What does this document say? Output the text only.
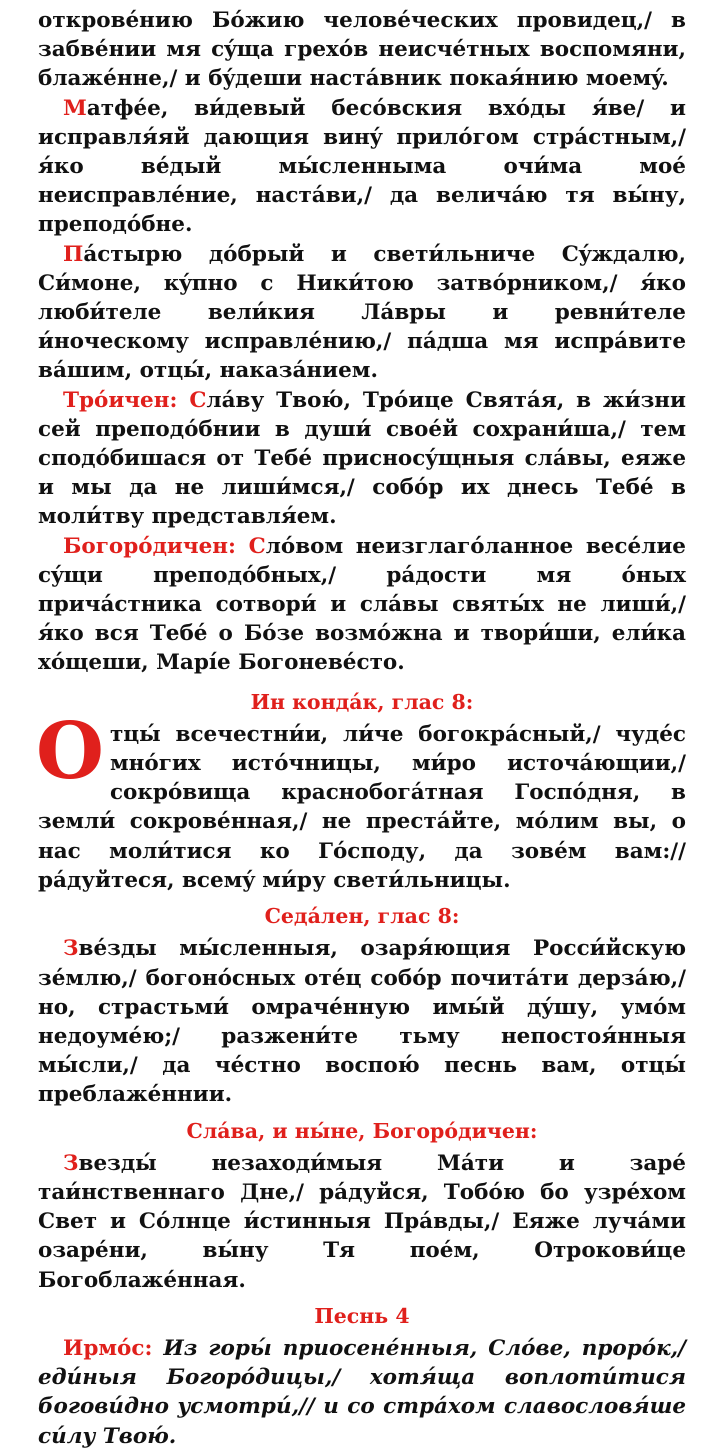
откровéнию Бóжию человéческих провидец,/ в забвéнии мя сýща грехóв неисчéтных воспомяни, блажéнне,/ и бýдеши настáвник покая́нию моемý.

Матфéе, ви́девый бесóвския вхóды я́ве/ и исправля́яй дающия винý прилóгом стрáстным,/ я́ко вéдый мы́сленныма очи́ма моé неисправлéние, настáви,/ да величáю тя вы́ну, преподóбне.

Пáстырю дóбрый и свети́льниче Сýждалю, Си́моне, кýпно с Ники́тою затвóрником,/ я́ко люби́теле вели́кия Лáвры и ревни́теле и́ноческому исправлéнию,/ пáдша мя испрáвите вáшим, отцы́, наказáнием.

Трóичен: Слáву Твою́, Трóице Святáя, в жи́зни сей преподóбнии в души́ своéй сохрани́ша,/ тем сподóбишася от Тебé присносýщныя слáвы, еяже и мы да не лиши́мся,/ собóр их днесь Тебé в моли́тву представля́ем.

Богорóдичен: Слóвом неизглагóланное весéлие сýщи преподóбных,/ рáдости мя óных причáстника сотвори́ и слáвы святы́х не лиши́,/ я́ко вся Тебé о Бóзе возмóжна и твори́ши, ели́ка хóщеши, Марíе Богоневéсто.

Ин кондáк, глас 8:

Отцы́ всечестни́и, ли́че богокрáсный,/ чудéс мнóгих истóчницы, ми́ро источáющии,/ сокрóвища краснобогáтная Госпóдня, в земли́ сокровéнная,/ не престáйте, мóлим вы, о нас моли́тися ко Гóсподу, да зовéм вам:// рáдуйтеся, всемý ми́ру свети́льницы.

Седáлен, глас 8:

Звéзды мы́сленныя, озаря́ющия Росси́йскую зéмлю,/ богонóсных отéц собóр почитáти дерзáю,/ но, страстьми́ омрачéнную имы́й дýшу, умóм недоумéю;/ разжени́те тьму непостоя́нныя мы́сли,/ да чéстно воспою́ песнь вам, отцы́ преблажéннии.

Слáва, и ны́не, Богорóдичен:

Звезды́ незаходи́мыя Мáти и зарé таи́нственнаго Дне,/ рáдуйся, Тобóю бо узрéхом Свет и Сóлнце и́стинныя Прáвды,/ Еяже лучáми озарéни, вы́ну Тя поéм, Отрокови́це Богоблажéнная.

Песнь 4

Ирмóс: Из горы́ приосенéнныя, Слóве, прорóк,/ еди́ныя Богорóдицы,/ хотя́ща воплоти́тися богови́дно усмотри́,// и со стрáхом славословя́ше си́лу Твою́.
